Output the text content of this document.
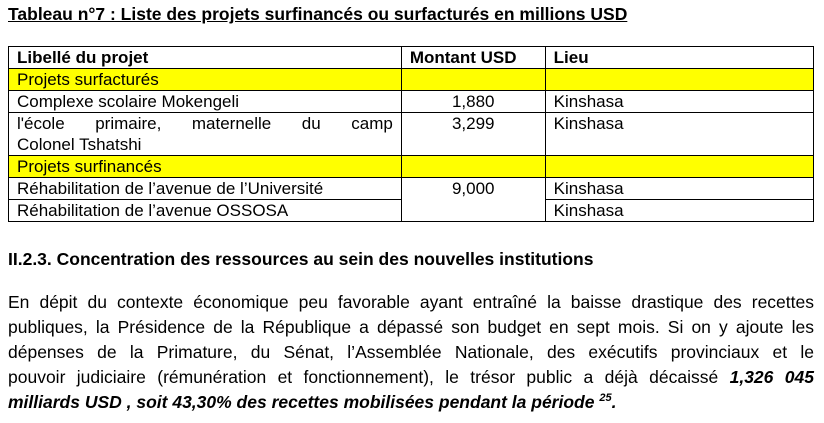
Tableau n°7 : Liste des projets surfinancés ou surfacturés en millions USD
Libellé du projet	Montant USD	Lieu
Projets surfacturés		
Complexe scolaire Mokengeli	1,880	Kinshasa

l'école primaire, maternelle du camp
Colonel Tshatshi	3,299	Kinshasa
Projets surfinancés		
Réhabilitation de l’avenue de l’Université	9,000	Kinshasa
Réhabilitation de l’avenue OSSOSA		Kinshasa
II.2.3. Concentration des ressources au sein des nouvelles institutions
En dépit du contexte économique peu favorable ayant entraîné la baisse drastique des recettes
publiques, la Présidence de la République a dépassé son budget en sept mois. Si on y ajoute les
dépenses de la Primature, du Sénat, l’Assemblée Nationale, des exécutifs provinciaux et le
pouvoir judiciaire (rémunération et fonctionnement), le trésor public a déjà décaissé 1,326 045
milliards USD , soit 43,30% des recettes mobilisées pendant la période $^{25}$.
